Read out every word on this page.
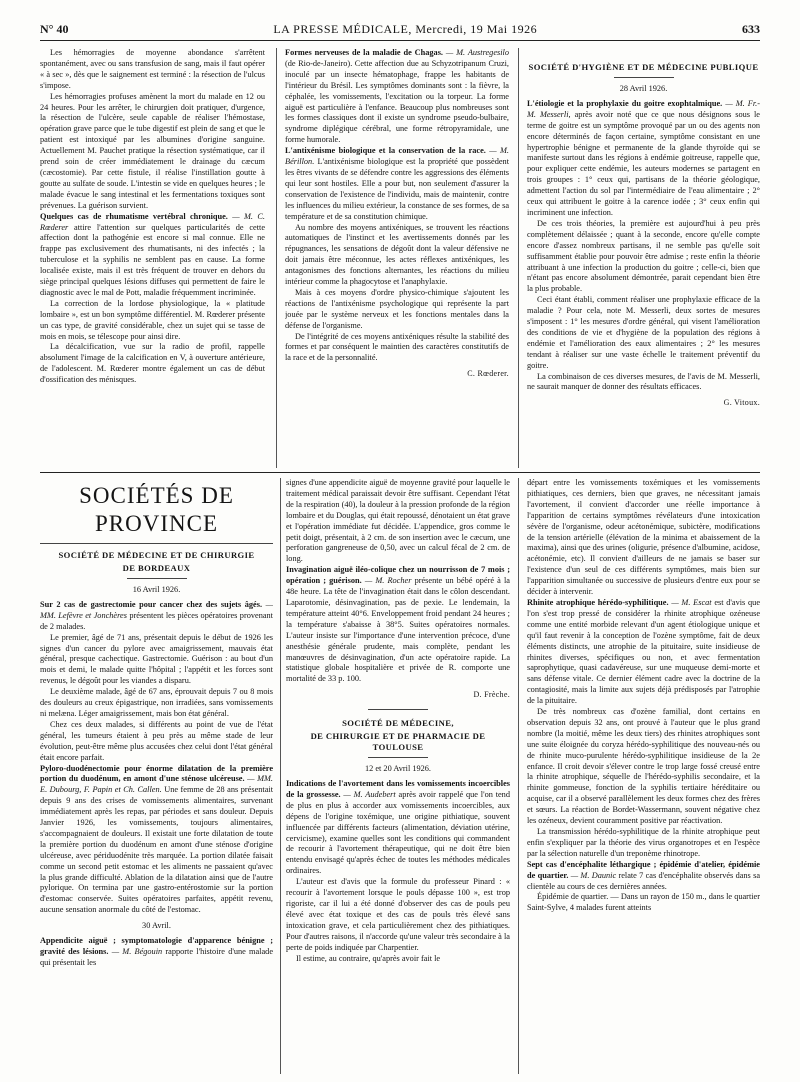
N° 40	LA PRESSE MÉDICALE, Mercredi, 19 Mai 1926	633

Les hémorragies de moyenne abondance s'arrêtent spontanément, avec ou sans transfusion de sang, mais il faut opérer « à sec », dès que le saignement est terminé : la résection de l'ulcus s'impose.

Les hémorragies profuses amènent la mort du malade en 12 ou 24 heures. Pour les arrêter, le chirurgien doit pratiquer, d'urgence, la résection de l'ulcère, seule capable de réaliser l'hémostase, opération grave parce que le tube digestif est plein de sang et que le patient est intoxiqué par les albumines d'origine sanguine. Actuellement M. Pauchet pratique la résection systématique, car il prend soin de créer immédiatement le drainage du cæcum (cæcostomie). Par cette fistule, il réalise l'instillation goutte à goutte au sulfate de soude. L'intestin se vide en quelques heures ; le malade évacue le sang intestinal et les fermentations toxiques sont prévenues. La guérison survient.

Quelques cas de rhumatisme vertébral chronique. — M. C. Rœderer attire l'attention sur quelques particularités de cette affection dont la pathogénie est encore si mal connue. Elle ne frappe pas exclusivement des rhumatisants, ni des infectés ; la tuberculose et la syphilis ne semblent pas en cause. La forme localisée existe, mais il est très fréquent de trouver en dehors du siège principal quelques lésions diffuses qui permettent de faire le diagnostic avec le mal de Pott, maladie fréquemment incriminée.

La correction de la lordose physiologique, la « platitude lombaire », est un bon symptôme différentiel. M. Rœderer présente un cas type, de gravité considérable, chez un sujet qui se tasse de mois en mois, se télescope pour ainsi dire.

La décalcification, vue sur la radio de profil, rappelle absolument l'image de la calcification en V, à ouverture antérieure, de l'adolescent. M. Rœderer montre également un cas de début d'ossification des ménisques.

Formes nerveuses de la maladie de Chagas. — M. Austregesilo (de Rio-de-Janeiro). Cette affection due au Schyzotripanum Cruzi, inoculé par un insecte hématophage, frappe les habitants de l'intérieur du Brésil. Les symptômes dominants sont : la fièvre, la céphalée, les vomissements, l'excitation ou la torpeur. La forme aiguë est particulière à l'enfance. Beaucoup plus nombreuses sont les formes classiques dont il existe un syndrome pseudo-bulbaire, syndrome diplégique cérébral, une forme rétropyramidale, une forme humorale.

L'antixénisme biologique et la conservation de la race. — M. Bérillon. L'antixénisme biologique est la propriété que possèdent les êtres vivants de se défendre contre les aggressions des éléments qui leur sont hostiles. Elle a pour but, non seulement d'assurer la conservation de l'existence de l'individu, mais de maintenir, contre les influences du milieu extérieur, la constance de ses formes, de sa température et de sa constitution chimique.

Au nombre des moyens antixéniques, se trouvent les réactions automatiques de l'instinct et les avertissements donnés par les répugnances, les sensations de dégoût dont la valeur défensive ne doit jamais être méconnue, les actes réflexes antixéniques, les antagonismes des fonctions alternantes, les réactions du milieu intérieur comme la phagocytose et l'anaphylaxie.

Mais à ces moyens d'ordre physico-chimique s'ajoutent les réactions de l'antixénisme psychologique qui représente la part jouée par le système nerveux et les fonctions mentales dans la défense de l'organisme.

De l'intégrité de ces moyens antixéniques résulte la stabilité des formes et par conséquent le maintien des caractères constitutifs de la race et de la personnalité.

C. Rœderer.
SOCIÉTÉ D'HYGIÈNE ET DE MÉDECINE PUBLIQUE
28 Avril 1926.

L'étiologie et la prophylaxie du goitre exophtalmique. — M. Fr.-M. Messerli, après avoir noté que ce que nous désignons sous le terme de goitre est un symptôme provoqué par un ou des agents non encore déterminés de façon certaine, symptôme consistant en une hypertrophie bénigne et permanente de la glande thyroïde qui se manifeste surtout dans les régions à endémie goitreuse, rappelle que, pour expliquer cette endémie, les auteurs modernes se partagent en trois groupes : 1° ceux qui, partisans de la théorie géologique, admettent l'action du sol par l'intermédiaire de l'eau alimentaire ; 2° ceux qui attribuent le goitre à la carence iodée ; 3° ceux enfin qui incriminent une infection.

De ces trois théories, la première est aujourd'hui à peu près complètement délaissée ; quant à la seconde, encore qu'elle compte encore d'assez nombreux partisans, il ne semble pas qu'elle soit suffisamment établie pour pouvoir être admise ; reste enfin la théorie attribuant à une infection la production du goitre ; celle-ci, bien que n'étant pas encore absolument démontrée, parait cependant bien être la plus probable.

Ceci étant établi, comment réaliser une prophylaxie efficace de la maladie ? Pour cela, note M. Messerli, deux sortes de mesures s'imposent : 1° les mesures d'ordre général, qui visent l'amélioration des conditions de vie et d'hygiène de la population des régions à endémie et l'amélioration des eaux alimentaires ; 2° les mesures tendant à réaliser sur une vaste échelle le traitement préventif du goitre.

La combinaison de ces diverses mesures, de l'avis de M. Messerli, ne saurait manquer de donner des résultats efficaces.

G. Vitoux.
SOCIÉTÉS DE PROVINCE
SOCIÉTÉ DE MÉDECINE ET DE CHIRURGIE
DE BORDEAUX
16 Avril 1926.

Sur 2 cas de gastrectomie pour cancer chez des sujets âgés. — MM. Lefèvre et Jonchères présentent les pièces opératoires provenant de 2 malades.

Le premier, âgé de 71 ans, présentait depuis le début de 1926 les signes d'un cancer du pylore avec amaigrissement, mauvais état général, presque cachectique. Gastrectomie. Guérison : au bout d'un mois et demi, le malade quitte l'hôpital ; l'appétit et les forces sont revenus, le dégoût pour les viandes a disparu.

Le deuxième malade, âgé de 67 ans, éprouvait depuis 7 ou 8 mois des douleurs au creux épigastrique, non irradiées, sans vomissements ni melæna. Léger amaigrissement, mais bon état général.

Chez ces deux malades, si différents au point de vue de l'état général, les tumeurs étaient à peu près au même stade de leur évolution, peut-être même plus accusées chez celui dont l'état général était encore parfait.

Pyloro-duodénectomie pour énorme dilatation de la première portion du duodénum, en amont d'une sténose ulcéreuse. — MM. E. Dubourg, F. Papin et Ch. Callen. Une femme de 28 ans présentait depuis 9 ans des crises de vomissements alimentaires, survenant immédiatement après les repas, par périodes et sans douleur. Depuis Janvier 1926, les vomissements, toujours alimentaires, s'accompagnaient de douleurs. Il existait une forte dilatation de toute la première portion du duodénum en amont d'une sténose d'origine ulcéreuse, avec périduodénite très marquée. La portion dilatée faisait comme un second petit estomac et les aliments ne passaient qu'avec la plus grande difficulté. Ablation de la dilatation ainsi que de l'autre pylorique. On termina par une gastro-entérostomie sur la portion d'estomac conservée. Suites opératoires parfaites, appétit revenu, aucune sensation anormale du côté de l'estomac.

30 Avril.

Appendicite aiguë ; symptomatologie d'apparence bénigne ; gravité des lésions. — M. Bégouin rapporte l'histoire d'une malade qui présentait les

signes d'une appendicite aiguë de moyenne gravité pour laquelle le traitement médical paraissait devoir être suffisant. Cependant l'état de la respiration (40), la douleur à la pression profonde de la région lombaire et du Douglas, qui était repoussé, dénotaient un état grave et l'opération immédiate fut décidée. L'appendice, gros comme le petit doigt, présentait, à 2 cm. de son insertion avec le cæcum, une perforation gangreneuse de 0,50, avec un calcul fécal de 2 cm. de long.

Invagination aiguë iléo-colique chez un nourrisson de 7 mois ; opération ; guérison. — M. Rocher présente un bébé opéré à la 48e heure. La tête de l'invagination était dans le côlon descendant. Laparotomie, désinvagination, pas de pexie. Le lendemain, la température atteint 40°6. Enveloppement froid pendant 24 heures ; la température s'abaisse à 38°5. Suites opératoires normales. L'auteur insiste sur l'importance d'une intervention précoce, d'une anesthésie générale prudente, mais complète, pendant les manœuvres de désinvagination, d'un acte opératoire rapide. La statistique globale hospitalière et privée de R. comporte une mortalité de 33 p. 100.

D. Frèche.
SOCIÉTÉ DE MÉDECINE,
DE CHIRURGIE ET DE PHARMACIE DE TOULOUSE
12 et 20 Avril 1926.

Indications de l'avortement dans les vomissements incoercibles de la grossesse. — M. Audebert après avoir rappelé que l'on tend de plus en plus à accorder aux vomissements incoercibles, aux dépens de l'origine toxémique, une origine pithiatique, souvent influencée par différents facteurs (alimentation, déviation utérine, cervicisme), examine quelles sont les conditions qui commandent de recourir à l'avortement thérapeutique, qui ne doit être bien entendu envisagé qu'après échec de toutes les méthodes médicales ordinaires.

L'auteur est d'avis que la formule du professeur Pinard : « recourir à l'avortement lorsque le pouls dépasse 100 », est trop rigoriste, car il lui a été donné d'observer des cas de pouls peu élevé avec état toxique et des cas de pouls très élevé sans intoxication grave, et cela particulièrement chez des pithiatiques. Pour d'autres raisons, il n'accorde qu'une valeur très secondaire à la perte de poids indiquée par Charpentier.

Il estime, au contraire, qu'après avoir fait le

départ entre les vomissements toxémiques et les vomissements pithiatiques, ces derniers, bien que graves, ne nécessitant jamais l'avortement, il convient d'accorder une réelle importance à l'apparition de certains symptômes révélateurs d'une intoxication sévère de l'organisme, odeur acétonémique, subictère, modifications de la tension artérielle (élévation de la minima et abaissement de la maxima), ainsi que des urines (oligurie, présence d'albumine, acidose, acétonémie, etc). Il convient d'ailleurs de ne jamais se baser sur l'existence d'un seul de ces différents symptômes, mais bien sur l'apparition simultanée ou successive de plusieurs d'entre eux pour se décider à intervenir.

Rhinite atrophique hérédo-syphilitique. — M. Escat est d'avis que l'on s'est trop pressé de considérer la rhinite atrophique ozéneuse comme une entité morbide relevant d'un agent étiologique unique et qu'il faut revenir à la conception de l'ozène symptôme, fait de deux éléments distincts, une atrophie de la pituitaire, suite insidieuse de rhinites diverses, spécifiques ou non, et avec fermentation saprophytique, quasi cadavéreuse, sur une muqueuse demi-morte et sans défense vitale. Ce dernier élément cadre avec la doctrine de la contagiosité, mais la limite aux sujets déjà prédisposés par l'atrophie de la pituitaire.

De très nombreux cas d'ozène familial, dont certains en observation depuis 32 ans, ont prouvé à l'auteur que le plus grand nombre (la moitié, même les deux tiers) des rhinites atrophiques sont une suite éloignée du coryza hérédo-syphilitique des nouveau-nés ou de rhinite muco-purulente hérédo-syphilitique insidieuse de la 2e enfance. Il croit devoir s'élever contre le trop large fossé creusé entre la rhinite atrophique, séquelle de l'hérédo-syphilis secondaire, et la rhinite gommeuse, fonction de la syphilis tertiaire héréditaire ou acquise, car il a observé parallèlement les deux formes chez des frères et sœurs. La réaction de Bordet-Wassermann, souvent négative chez les ozéneux, devient couramment positive par réactivation.

La transmission hérédo-syphilitique de la rhinite atrophique peut enfin s'expliquer par la théorie des virus organotropes et en l'espèce par la sélection naturelle d'un treponème rhinotrope.

Sept cas d'encéphalite léthargique ; épidémie d'atelier, épidémie de quartier. — M. Daunic relate 7 cas d'encéphalite observés dans sa clientèle au cours de ces dernières années.

Épidémie de quartier. — Dans un rayon de 150 m., dans le quartier Saint-Sylve, 4 malades furent atteints
